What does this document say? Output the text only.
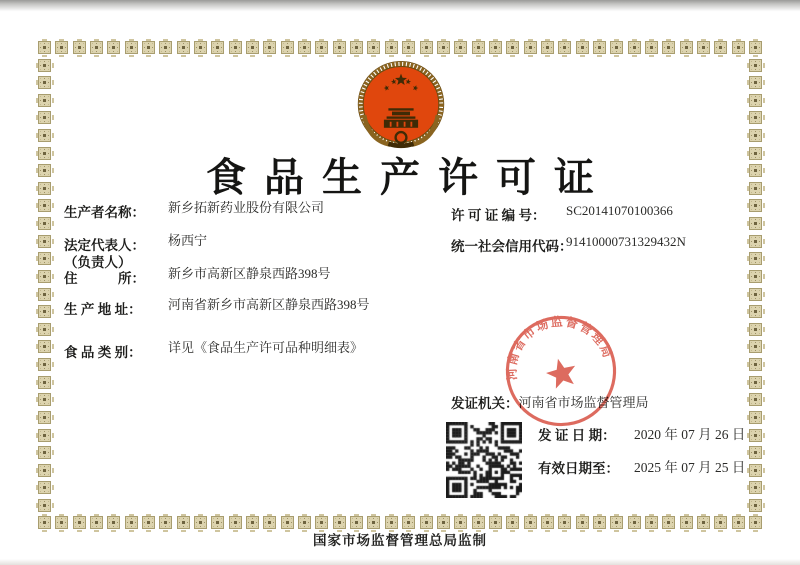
食品生产许可证
生产者名称：	新乡拓新药业股份有限公司
法定代表人：
（负责人）
杨西宁
住　　　所：	新乡市高新区静泉西路398号
生 产 地 址：	河南省新乡市高新区静泉西路398号
食 品 类 别：	详见《食品生产许可品种明细表》
许 可 证 编 号：	SC20141070100366
统一社会信用代码：
91410000731329432N
发证机关： 河南省市场监督管理局
发 证 日 期：	2020 年 07 月 26 日
有效日期至：	2025 年 07 月 25 日
河南省市场监督管理局
国家市场监督管理总局监制
